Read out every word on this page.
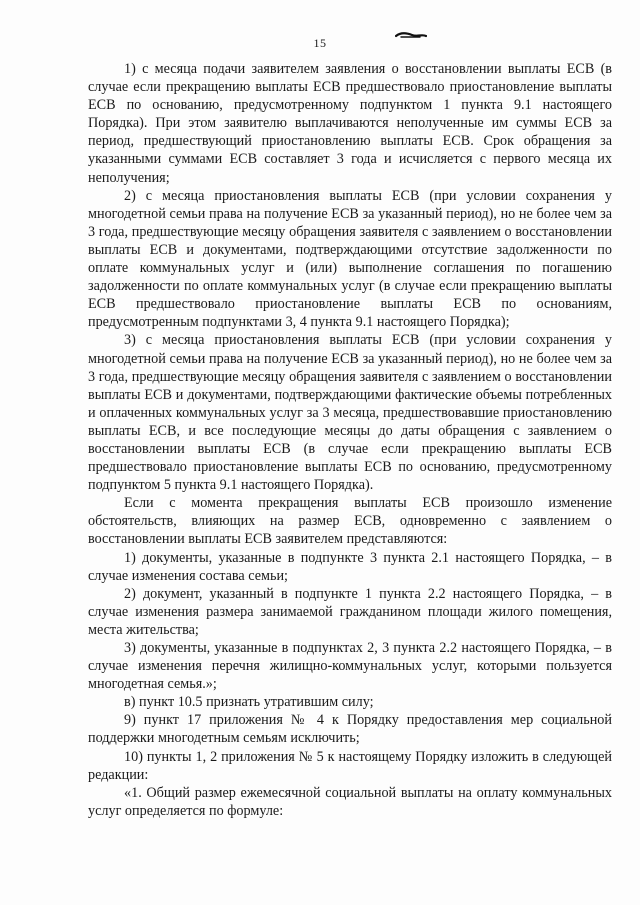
15

1) с месяца подачи заявителем заявления о восстановлении выплаты ЕСВ (в случае если прекращению выплаты ЕСВ предшествовало приостановление выплаты ЕСВ по основанию, предусмотренному подпунктом 1 пункта 9.1 настоящего Порядка). При этом заявителю выплачиваются неполученные им суммы ЕСВ за период, предшествующий приостановлению выплаты ЕСВ. Срок обращения за указанными суммами ЕСВ составляет 3 года и исчисляется с первого месяца их неполучения;

2) с месяца приостановления выплаты ЕСВ (при условии сохранения у многодетной семьи права на получение ЕСВ за указанный период), но не более чем за 3 года, предшествующие месяцу обращения заявителя с заявлением о восстановлении выплаты ЕСВ и документами, подтверждающими отсутствие задолженности по оплате коммунальных услуг и (или) выполнение соглашения по погашению задолженности по оплате коммунальных услуг (в случае если прекращению выплаты ЕСВ предшествовало приостановление выплаты ЕСВ по основаниям, предусмотренным подпунктами 3, 4 пункта 9.1 настоящего Порядка);

3) с месяца приостановления выплаты ЕСВ (при условии сохранения у многодетной семьи права на получение ЕСВ за указанный период), но не более чем за 3 года, предшествующие месяцу обращения заявителя с заявлением о восстановлении выплаты ЕСВ и документами, подтверждающими фактические объемы потребленных и оплаченных коммунальных услуг за 3 месяца, предшествовавшие приостановлению выплаты ЕСВ, и все последующие месяцы до даты обращения с заявлением о восстановлении выплаты ЕСВ (в случае если прекращению выплаты ЕСВ предшествовало приостановление выплаты ЕСВ по основанию, предусмотренному подпунктом 5 пункта 9.1 настоящего Порядка).

Если с момента прекращения выплаты ЕСВ произошло изменение обстоятельств, влияющих на размер ЕСВ, одновременно с заявлением о восстановлении выплаты ЕСВ заявителем представляются:

1) документы, указанные в подпункте 3 пункта 2.1 настоящего Порядка, – в случае изменения состава семьи;

2) документ, указанный в подпункте 1 пункта 2.2 настоящего Порядка, – в случае изменения размера занимаемой гражданином площади жилого помещения, места жительства;

3) документы, указанные в подпунктах 2, 3 пункта 2.2 настоящего Порядка, – в случае изменения перечня жилищно-коммунальных услуг, которыми пользуется многодетная семья.»;

в) пункт 10.5 признать утратившим силу;

9) пункт 17 приложения № 4 к Порядку предоставления мер социальной поддержки многодетным семьям исключить;

10) пункты 1, 2 приложения № 5 к настоящему Порядку изложить в следующей редакции:

«1. Общий размер ежемесячной социальной выплаты на оплату коммунальных услуг определяется по формуле:
